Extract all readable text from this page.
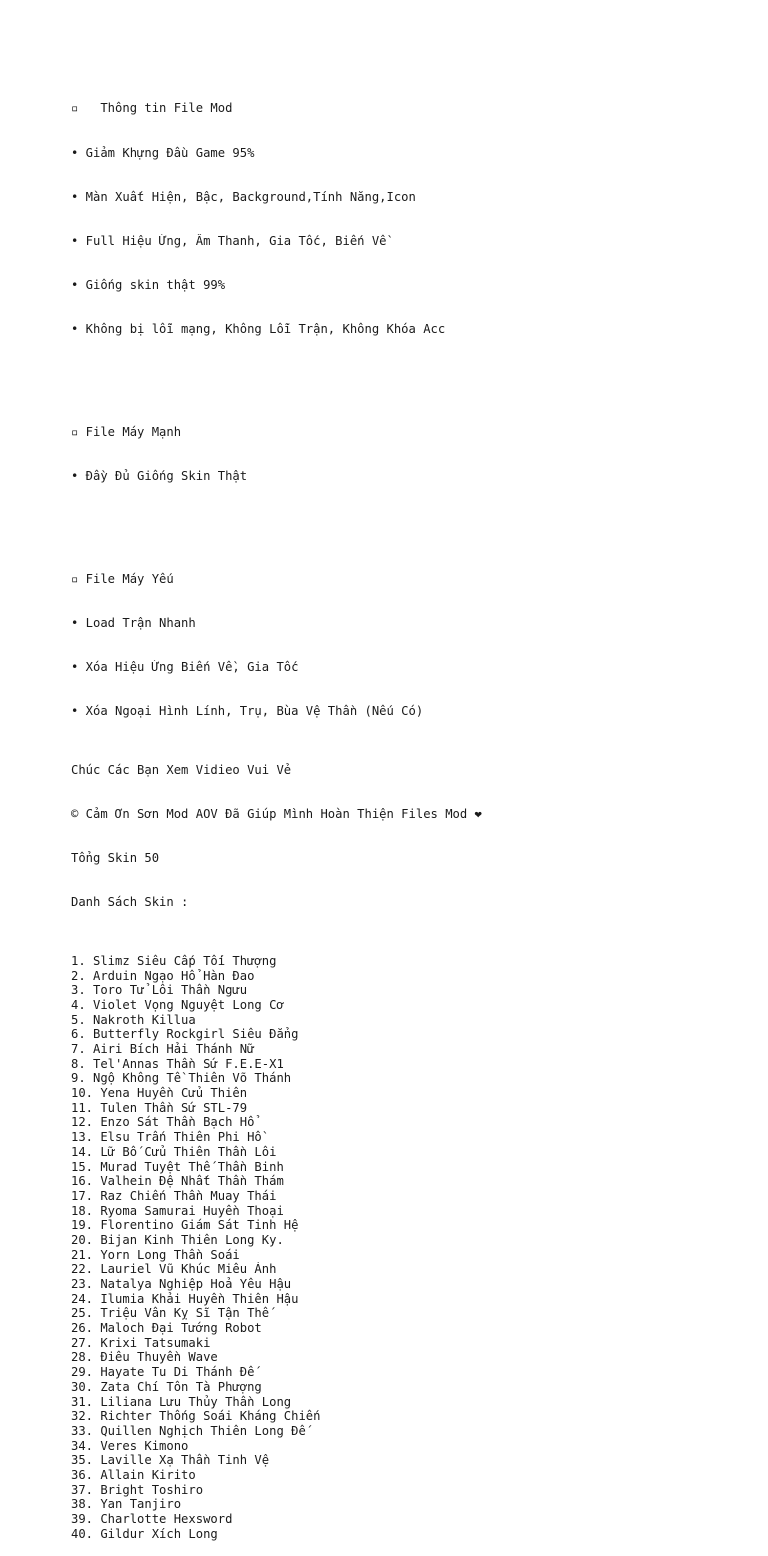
▫   Thông tin File Mod

• Giảm Khựng Đầu Game 95%

• Màn Xuất Hiện, Bậc, Background,Tính Năng,Icon

• Full Hiệu Ứng, Âm Thanh, Gia Tốc, Biến Về

• Giống skin thật 99%

• Không bị lỗi mạng, Không Lỗi Trận, Không Khóa Acc

▫ File Máy Mạnh

• Đầy Đủ Giống Skin Thật

▫ File Máy Yếu

• Load Trận Nhanh

• Xóa Hiệu Ứng Biến Về, Gia Tốc

• Xóa Ngoại Hình Lính, Trụ, Bùa Vệ Thần (Nếu Có)

Chúc Các Bạn Xem Vidieo Vui Vẻ

© Cảm Ơn Sơn Mod AOV Đã Giúp Mình Hoàn Thiện Files Mod ❤

Tổng Skin 50

Danh Sách Skin :

1. Slimz Siêu Cấp Tối Thượng
2. Arduin Ngạo Hổ Hàn Đao
3. Toro Tử Lôi Thần Ngưu
4. Violet Vọng Nguyệt Long Cơ
5. Nakroth Killua
6. Butterfly Rockgirl Siêu Đẳng
7. Airi Bích Hải Thánh Nữ
8. Tel'Annas Thần Sứ F.E.E-X1
9. Ngộ Không Tề Thiên Võ Thánh
10. Yena Huyền Cửu Thiên
11. Tulen Thần Sứ STL-79
12. Enzo Sát Thần Bạch Hổ
13. Elsu Trấn Thiên Phi Hồ
14. Lữ Bố Cửu Thiên Thần Lôi
15. Murad Tuyệt Thế Thần Binh
16. Valhein Đệ Nhất Thần Thám
17. Raz Chiến Thần Muay Thái
18. Ryoma Samurai Huyền Thoại
19. Florentino Giám Sát Tinh Hệ
20. Bijan Kinh Thiên Long Ky.
21. Yorn Long Thần Soái
22. Lauriel Vũ Khúc Miêu Ảnh
23. Natalya Nghiệp Hoả Yêu Hậu
24. Ilumia Khải Huyền Thiên Hậu
25. Triệu Vân Kỵ Sĩ Tận Thế
26. Maloch Đại Tướng Robot
27. Krixi Tatsumaki
28. Điêu Thuyền Wave
29. Hayate Tu Di Thánh Đế
30. Zata Chí Tôn Tà Phượng
31. Liliana Lưu Thủy Thần Long
32. Richter Thống Soái Kháng Chiến
33. Quillen Nghịch Thiên Long Đế
34. Veres Kimono
35. Laville Xạ Thần Tinh Vệ
36. Allain Kirito
37. Bright Toshiro
38. Yan Tanjiro
39. Charlotte Hexsword
40. Gildur Xích Long
